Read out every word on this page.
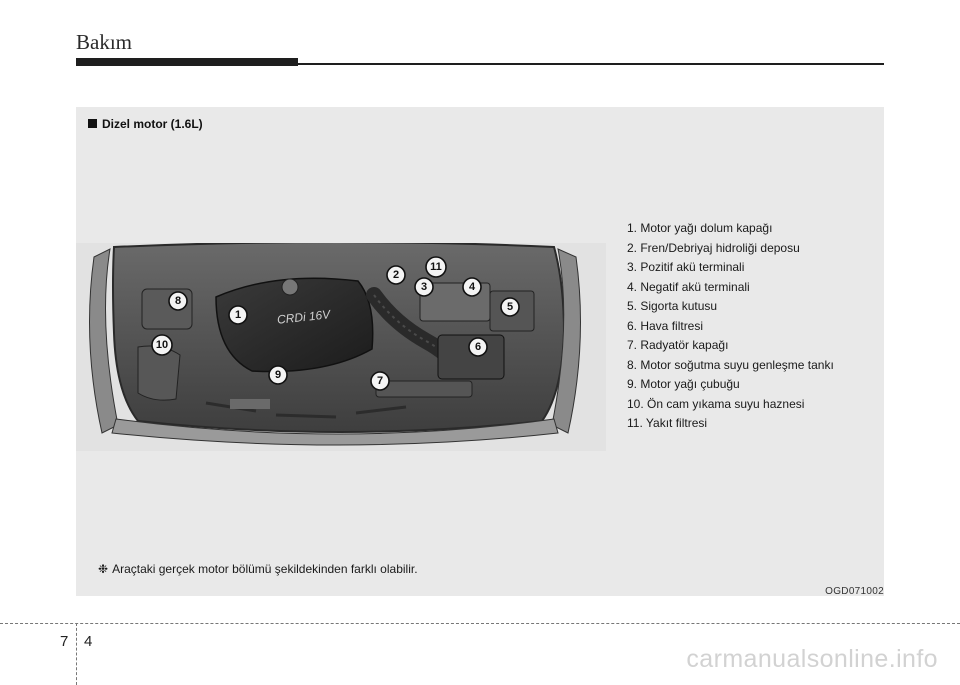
Bakım
Dizel motor (1.6L)
CRDi 16V
1
2
3	4
5
6
7
8
9
10
11
1. Motor yağı dolum kapağı
2. Fren/Debriyaj hidroliği deposu
3. Pozitif akü terminali
4. Negatif akü terminali
5. Sigorta kutusu
6. Hava filtresi
7. Radyatör kapağı
8. Motor soğutma suyu genleşme tankı
9. Motor yağı çubuğu
10. Ön cam yıkama suyu haznesi
11. Yakıt filtresi
❉ Araçtaki gerçek motor bölümü şekildekinden farklı olabilir.
OGD071002
7 4
carmanualsonline.info
